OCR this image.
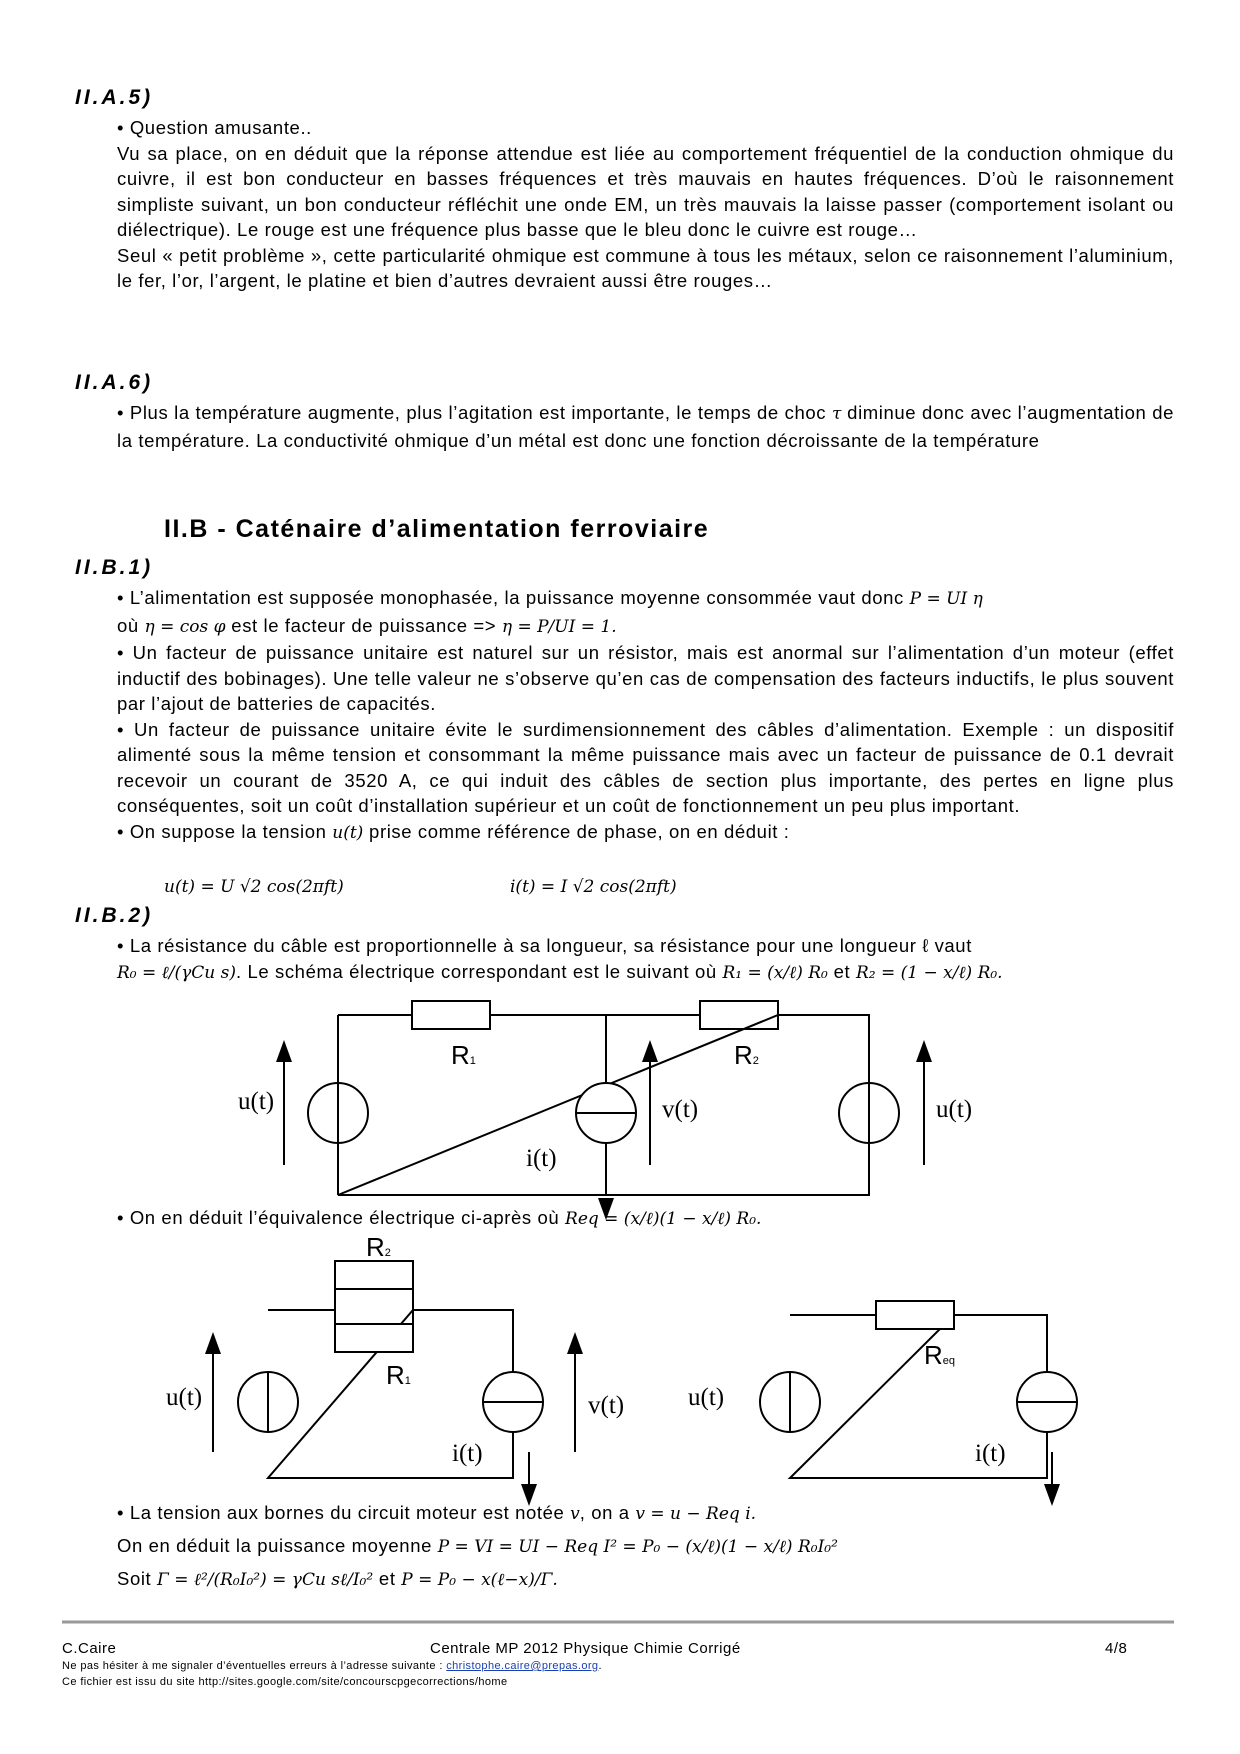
II.A.5)
• Question amusante..
Vu sa place, on en déduit que la réponse attendue est liée au comportement fréquentiel de la conduction ohmique du cuivre, il est bon conducteur en basses fréquences et très mauvais en hautes fréquences. D’où le raisonnement simpliste suivant, un bon conducteur réfléchit une onde EM, un très mauvais la laisse passer (comportement isolant ou diélectrique). Le rouge est une fréquence plus basse que le bleu donc le cuivre est rouge…
Seul « petit problème », cette particularité ohmique est commune à tous les métaux, selon ce raisonnement l’aluminium, le fer, l’or, l’argent, le platine et bien d’autres devraient aussi être rouges…
II.A.6)
• Plus la température augmente, plus l’agitation est importante, le temps de choc τ diminue donc avec l’augmentation de la température. La conductivité ohmique d’un métal est donc une fonction décroissante de la température
II.B - Caténaire d’alimentation ferroviaire
II.B.1)
• L’alimentation est supposée monophasée, la puissance moyenne consommée vaut donc P = UI η
où η = cos φ est le facteur de puissance => η = P/UI = 1.
• Un facteur de puissance unitaire est naturel sur un résistor, mais est anormal sur l’alimentation d’un moteur (effet inductif des bobinages). Une telle valeur ne s’observe qu’en cas de compensation des facteurs inductifs, le plus souvent par l’ajout de batteries de capacités.
• Un facteur de puissance unitaire évite le surdimensionnement des câbles d’alimentation. Exemple : un dispositif alimenté sous la même tension et consommant la même puissance mais avec un facteur de puissance de 0.1 devrait recevoir un courant de 3520 A, ce qui induit des câbles de section plus importante, des pertes en ligne plus conséquentes, soit un coût d’installation supérieur et un coût de fonctionnement un peu plus important.
• On suppose la tension u(t) prise comme référence de phase, on en déduit :
u(t) = U √2 cos(2πft)	i(t) = I √2 cos(2πft)
II.B.2)
• La résistance du câble est proportionnelle à sa longueur, sa résistance pour une longueur ℓ vaut
R₀ = ℓ/(γCu s). Le schéma électrique correspondant est le suivant où R₁ = (x/ℓ) R₀ et R₂ = (1 − x/ℓ) R₀.
R1	R2
u(t)	v(t)	u(t)
i(t)
• On en déduit l’équivalence électrique ci-après où Req = (x/ℓ)(1 − x/ℓ) R₀.
R2
R1
u(t)	v(t)
i(t)
Req
u(t)
i(t)
• La tension aux bornes du circuit moteur est notée v, on a v = u − Req i.
On en déduit la puissance moyenne P = VI = UI − Req I² = P₀ − (x/ℓ)(1 − x/ℓ) R₀I₀²
Soit Γ = ℓ²/(R₀I₀²) = γCu sℓ/I₀² et P = P₀ − x(ℓ−x)/Γ.
C.Caire	Centrale MP 2012 Physique Chimie Corrigé	4/8
Ne pas hésiter à me signaler d’éventuelles erreurs à l’adresse suivante : christophe.caire@prepas.org.
Ce fichier est issu du site http://sites.google.com/site/concourscpgecorrections/home
